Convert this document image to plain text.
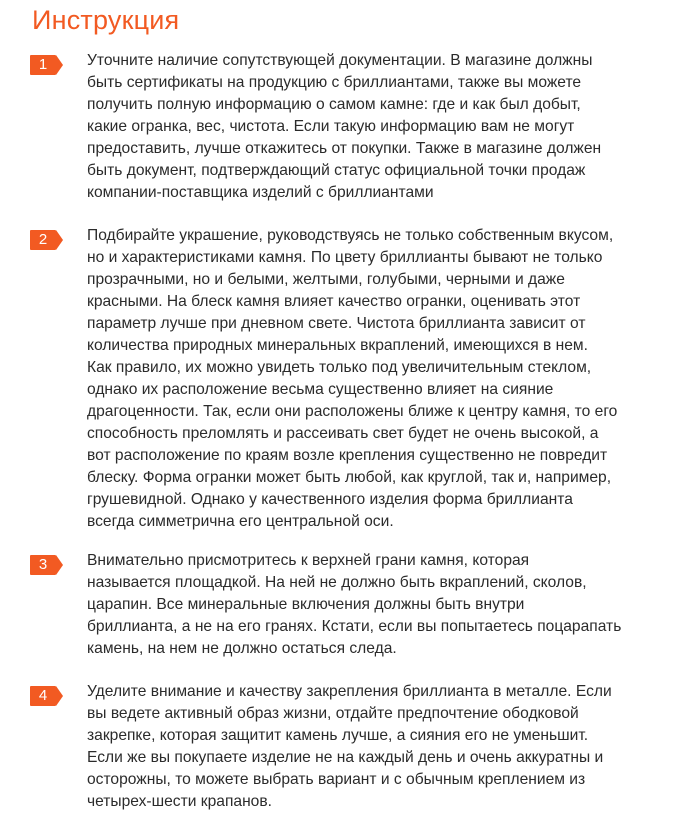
Инструкция
1	Уточните наличие сопутствующей документации. В магазине должны
быть сертификаты на продукцию с бриллиантами, также вы можете
получить полную информацию о самом камне: где и как был добыт,
какие огранка, вес, чистота. Если такую информацию вам не могут
предоставить, лучше откажитесь от покупки. Также в магазине должен
быть документ, подтверждающий статус официальной точки продаж
компании-поставщика изделий с бриллиантами

2	Подбирайте украшение, руководствуясь не только собственным вкусом,
но и характеристиками камня. По цвету бриллианты бывают не только
прозрачными, но и белыми, желтыми, голубыми, черными и даже
красными. На блеск камня влияет качество огранки, оценивать этот
параметр лучше при дневном свете. Чистота бриллианта зависит от
количества природных минеральных вкраплений, имеющихся в нем.
Как правило, их можно увидеть только под увеличительным стеклом,
однако их расположение весьма существенно влияет на сияние
драгоценности. Так, если они расположены ближе к центру камня, то его
способность преломлять и рассеивать свет будет не очень высокой, а
вот расположение по краям возле крепления существенно не повредит
блеску. Форма огранки может быть любой, как круглой, так и, например,
грушевидной. Однако у качественного изделия форма бриллианта
всегда симметрична его центральной оси.

3	Внимательно присмотритесь к верхней грани камня, которая
называется площадкой. На ней не должно быть вкраплений, сколов,
царапин. Все минеральные включения должны быть внутри
бриллианта, а не на его гранях. Кстати, если вы попытаетесь поцарапать
камень, на нем не должно остаться следа.

4	Уделите внимание и качеству закрепления бриллианта в металле. Если
вы ведете активный образ жизни, отдайте предпочтение ободковой
закрепке, которая защитит камень лучше, а сияния его не уменьшит.
Если же вы покупаете изделие не на каждый день и очень аккуратны и
осторожны, то можете выбрать вариант и с обычным креплением из
четырех-шести крапанов.
